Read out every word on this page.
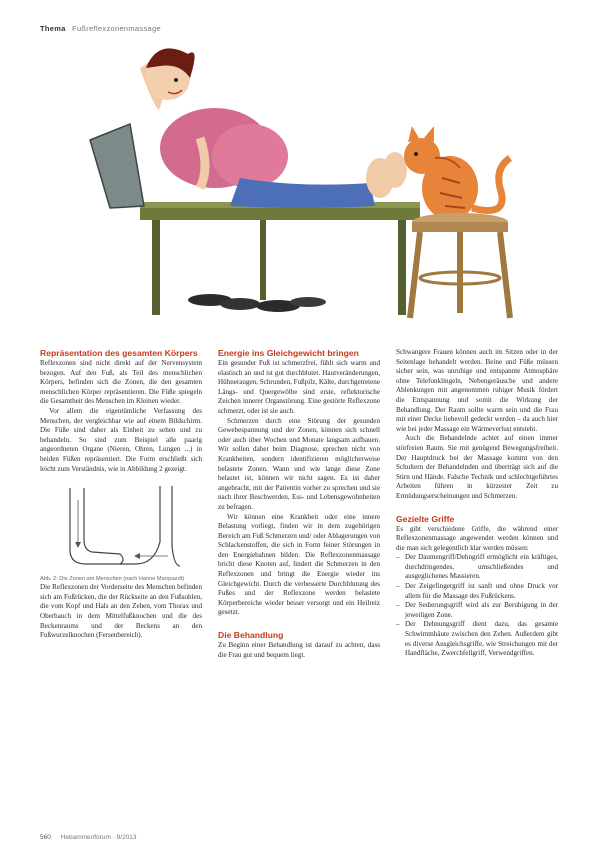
Thema Fußreflexzonenmassage
Repräsentation des gesamten Körpers

Reflexzonen sind nicht direkt auf der Nervensystem bezogen. Auf den Fuß, als Teil des menschlichen Körpers, befinden sich die Zonen, die den gesamten menschlichen Körper repräsentieren. Die Füße spiegeln die Gesamtheit des Menschen im Kleinen wieder.

Vor allem die eigentümliche Verfassung des Menschen, der vergleichbar wie auf einem Bildschirm. Die Füße sind daher als Einheit zu sehen und zu behandeln. So sind zum Beispiel alle paarig angeordneten Organe (Nieren, Ohren, Lungen ...) in beiden Füßen repräsentiert. Die Form erschließt sich leicht zum Verständnis, wie in Abbildung 2 gezeigt.

Abb. 2: Die Zonen am Menschen (nach Hanne Marquardt)

Die Reflexzonen der Vorderseite des Menschen befinden sich am Fußrücken, die der Rückseite an den Fußsohlen, die vom Kopf und Hals an den Zehen, vom Thorax und Oberbauch in dem Mittelfußknochen und die des Beckenraums und der Beckens an den Fußwurzelknochen (Fersenbereich).

Energie ins Gleichgewicht bringen

Ein gesunder Fuß ist schmerzfrei, fühlt sich warm und elastisch an und ist gut durchblutet. Hautveränderungen, Hühneraugen, Schrunden, Fußpilz, Kälte, durchgetretene Längs- und Quergewölbe sind erste, reflektorische Zeichen innerer Organstörung. Eine gestörte Reflexzone schmerzt, oder ist sie auch.

Schmerzen durch eine Störung der gesunden Gewebespannung und der Zonen, können sich schnell oder auch über Wochen und Monate langsam aufbauen. Wir sollen daher beim Diagnose, sprechen nicht von Krankheiten, sondern identifizieren möglicherweise belastete Zonen. Wann und wie lange diese Zone belastet ist, können wir nicht sagen. Es ist daher angebracht, mit der Patientin vorher zu sprechen und sie nach ihrer Beschwerden, Ess- und Lebensgewohnheiten zu befragen.

Wir können eine Krankheit oder eine innere Belastung vorliegt, finden wir in dem zugehörigen Bereich am Fuß Schmerzen und/ oder Ablagerungen von Schlackenstoffen, die sich in Form feiner Störungen in den Energiebahnen bilden. Die Reflexzonenmassage bricht diese Knoten auf, lindert die Schmerzen in den Reflexzonen und bringt die Energie wieder ins Gleichgewicht. Durch die verbesserte Durchblutung des Fußes und der Reflexzone werden belastete Körperbereiche wieder besser versorgt und ein Heilreiz gesetzt.

Die Behandlung

Zu Beginn einer Behandlung ist darauf zu achten, dass die Frau gut und bequem liegt.

Schwangere Frauen können auch im Sitzen oder in der Seitenlage behandelt werden. Beine und Füße müssen sicher sein, was unruhige und entspannte Atmosphäre ohne Telefonklingeln, Nebengeräusche und andere Ablenkungen mit angenommen ruhiger Musik fördert die Entspannung und somit die Wirkung der Behandlung. Der Raum sollte warm sein und die Frau mit einer Decke liebevoll gedeckt werden – da auch hier wie bei jeder Massage ein Wärmeverlust entsteht.

Auch die Behandelnde achtet auf einen immer störfreien Raum. Sie mit genügend Bewegungsfreiheit. Der Hauptdruck bei der Massage kommt von den Schultern der Behandelnden und überträgt sich auf die Stirn und Hände. Falsche Technik und schlechtgeführtes Arbeiten führen in kürzester Zeit zu Ermüdungserscheinungen und Schmerzen.

Gezielte Griffe

Es gibt verschiedene Griffe, die während einer Reflexzonenmassage angewendet werden können und die man sich gelegentlich klar werden müssen:

– Der Daumengriff/Dehngriff ermöglicht ein kräftiges, durchdringendes, umschließendes und ausgeglichenes Massieren.
– Der Zeigefingergriff ist sanft und ohne Druck vor allem für die Massage des Fußrückens.
– Der Sedierungsgriff wird als zur Beruhigung in der jeweiligen Zone.
– Der Dehnungsgriff dient dazu, das gesamte Schwimmhäute zwischen den Zehen. Außerdem gibt es diverse Ausgleichsgriffe, wie Streichungen mit der Handfläche, Zwerchfellgriff, Verwendgriffen.
560 Hebammenforum · 9/2013
